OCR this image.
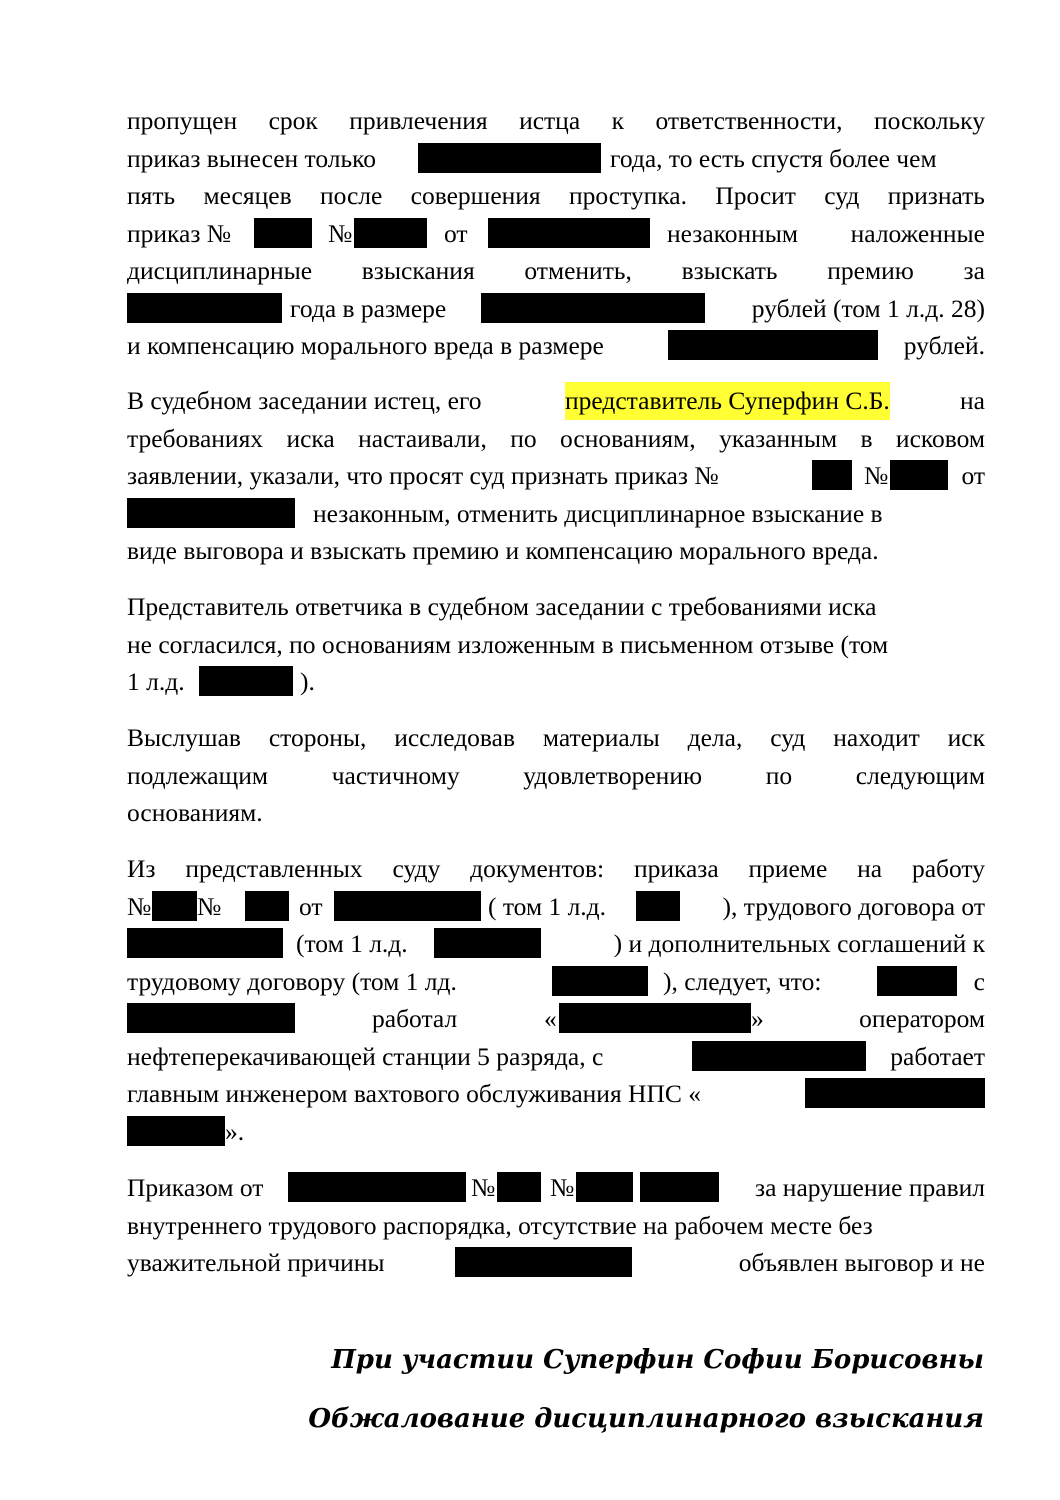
пропущен срок привлечения истца к ответственности, поскольку
приказ вынесен только	года, то есть спустя более чем
пять месяцев после совершения проступка. Просит суд признать
приказ №	№	от	незаконным наложенные
дисциплинарные взыскания отменить, взыскать премию за
года в размере	рублей (том 1 л.д. 28)
и компенсацию морального вреда в размере	рублей.
В судебном заседании истец, его	представитель Суперфин С.Б.	на
требованиях иска настаивали, по основаниям, указанным в исковом
заявлении, указали, что просят суд признать приказ №	№	от
незаконным, отменить дисциплинарное взыскание в
виде выговора и взыскать премию и компенсацию морального вреда.
Представитель ответчика в судебном заседании с требованиями иска
не согласился, по основаниям изложенным в письменном отзыве (том
1 л.д.	).
Выслушав стороны, исследовав материалы дела, суд находит иск
подлежащим частичному удовлетворению по следующим
основаниям.
Из представленных суду документов: приказа приеме на работу
№ №	от	( том 1 л.д.	), трудового договора от
(том 1 л.д.	) и дополнительных соглашений к
трудовому договору (том 1 лд.	), следует, что:	с
работал	«	»	оператором
нефтеперекачивающей станции 5 разряда, с	работает
главным инженером вахтового обслуживания НПС «
».
Приказом от	№ №	за нарушение правил
внутреннего трудового распорядка, отсутствие на рабочем месте без
уважительной причины	объявлен выговор и не
При участии Суперфин Софии Борисовны
Обжалование дисциплинарного взыскания
